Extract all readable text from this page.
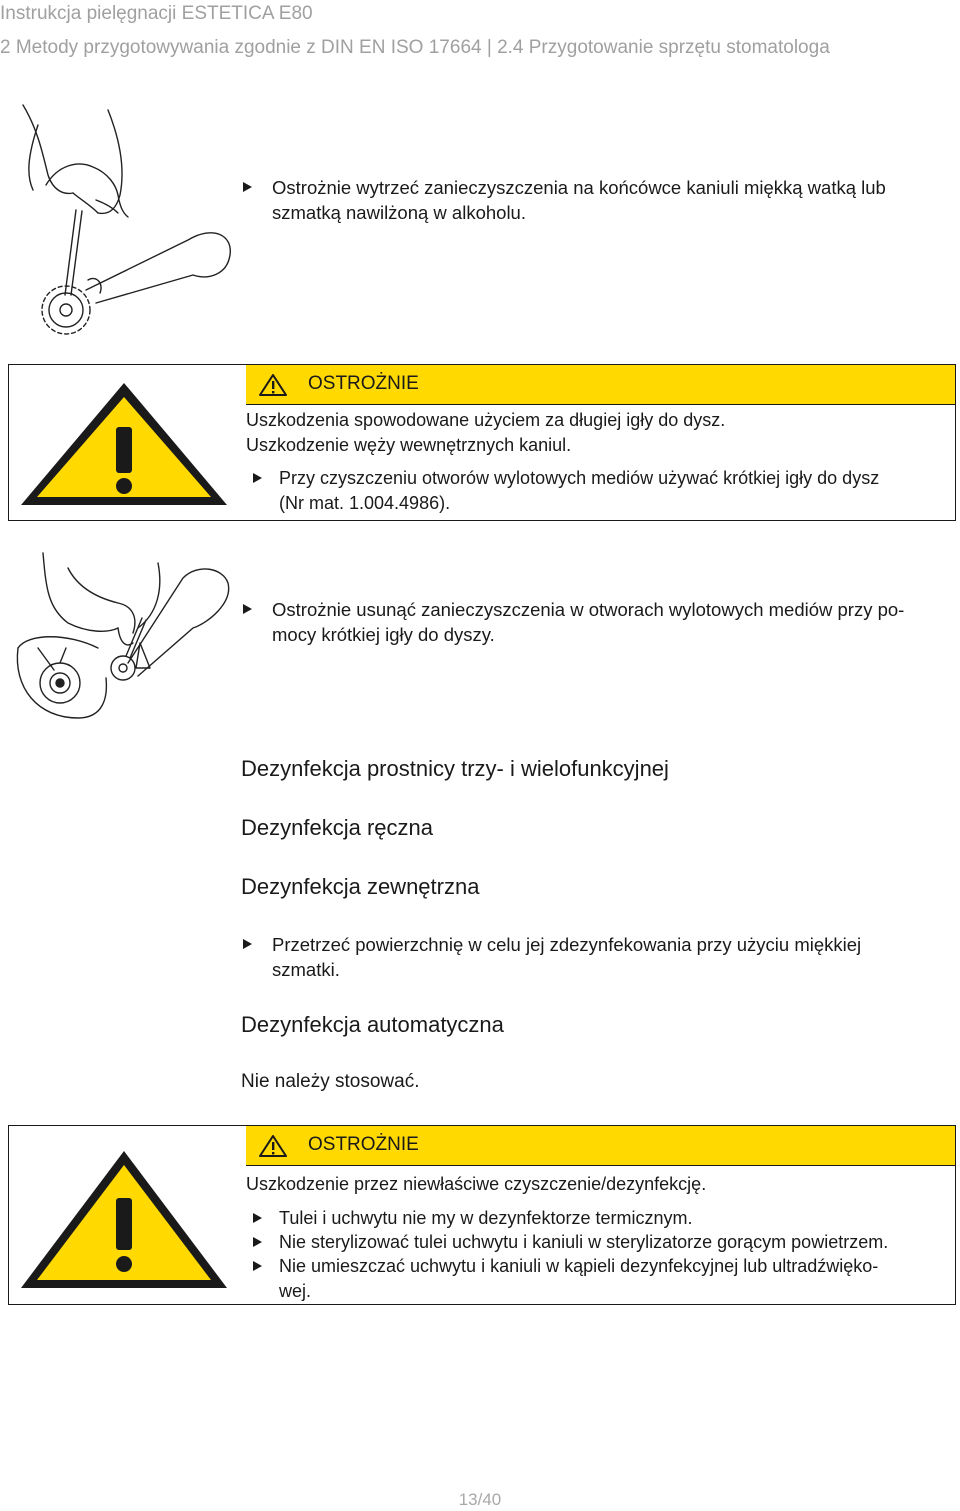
Instrukcja pielęgnacji ESTETICA E80
2 Metody przygotowywania zgodnie z DIN EN ISO 17664 | 2.4 Przygotowanie sprzętu stomatologa
Ostrożnie wytrzeć zanieczyszczenia na końcówce kaniuli miękką watką lub
szmatką nawilżoną w alkoholu.
OSTROŻNIE
Uszkodzenia spowodowane użyciem za długiej igły do dysz.
Uszkodzenie węży wewnętrznych kaniul.
Przy czyszczeniu otworów wylotowych mediów używać krótkiej igły do dysz
(Nr mat. 1.004.4986).
Ostrożnie usunąć zanieczyszczenia w otworach wylotowych mediów przy po-
mocy krótkiej igły do dyszy.
Dezynfekcja prostnicy trzy- i wielofunkcyjnej
Dezynfekcja ręczna
Dezynfekcja zewnętrzna
Przetrzeć powierzchnię w celu jej zdezynfekowania przy użyciu miękkiej
szmatki.
Dezynfekcja automatyczna
Nie należy stosować.
OSTROŻNIE
Uszkodzenie przez niewłaściwe czyszczenie/dezynfekcję.
Tulei i uchwytu nie my w dezynfektorze termicznym.
Nie sterylizować tulei uchwytu i kaniuli w sterylizatorze gorącym powietrzem.
Nie umieszczać uchwytu i kaniuli w kąpieli dezynfekcyjnej lub ultradźwięko-
wej.
13/40
